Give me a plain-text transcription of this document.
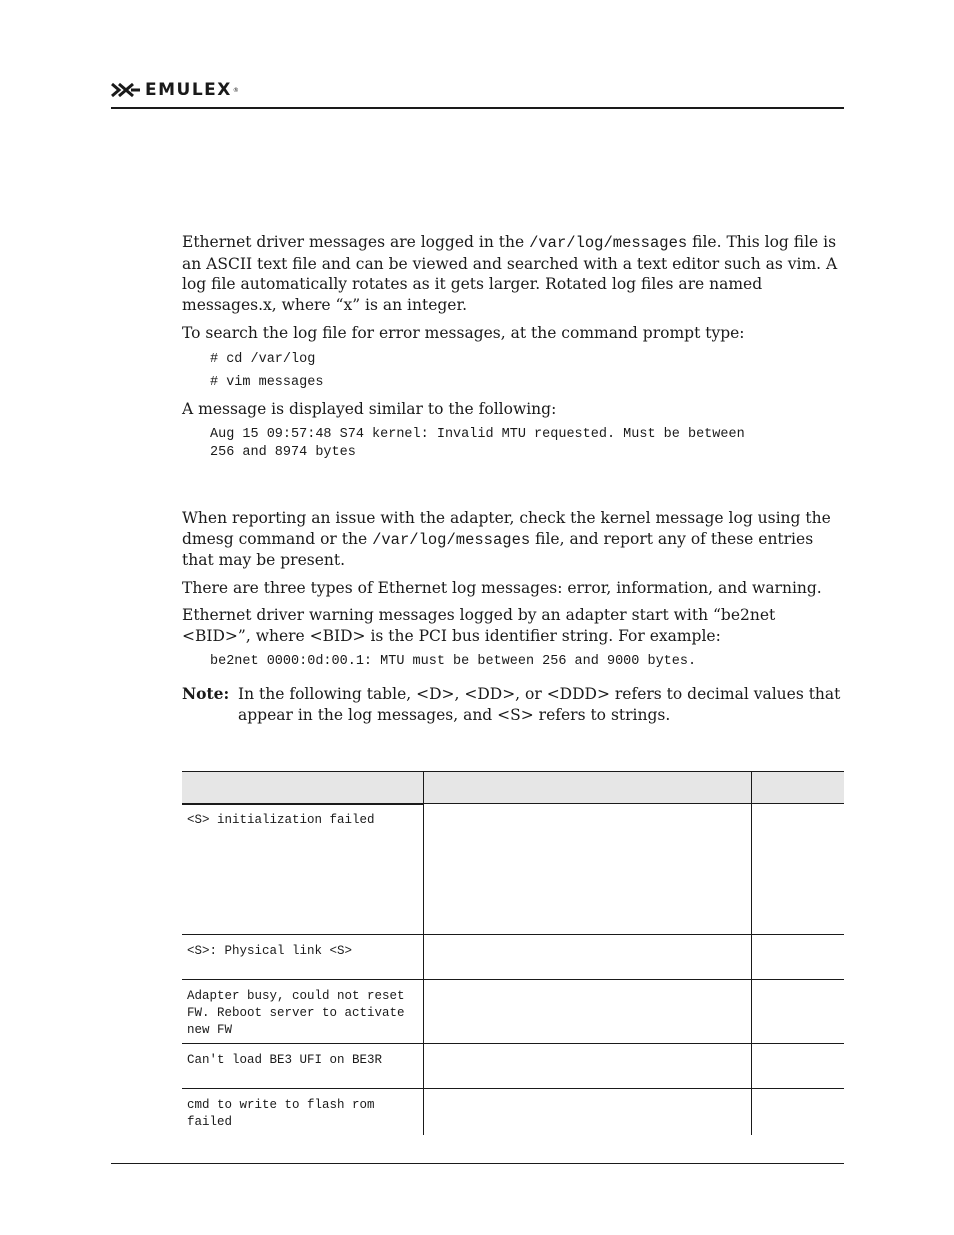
EMULEX ®

Ethernet driver messages are logged in the /var/log/messages file. This log file is an ASCII text file and can be viewed and searched with a text editor such as vim. A log file automatically rotates as it gets larger. Rotated log files are named messages.x, where “x” is an integer.

To search the log file for error messages, at the command prompt type:

# cd /var/log
# vim messages

A message is displayed similar to the following:

Aug 15 09:57:48 S74 kernel: Invalid MTU requested. Must be between
256 and 8974 bytes

When reporting an issue with the adapter, check the kernel message log using the dmesg command or the /var/log/messages file, and report any of these entries that may be present.

There are three types of Ethernet log messages: error, information, and warning.

Ethernet driver warning messages logged by an adapter start with “be2net <BID>”, where <BID> is the PCI bus identifier string. For example:

be2net 0000:0d:00.1: MTU must be between 256 and 9000 bytes.
Note: In the following table, <D>, <DD>, or <DDD> refers to decimal values that appear in the log messages, and <S> refers to strings.

<S> initialization failed		
<S>: Physical link <S>		
Adapter busy, could not reset FW. Reboot server to activate new FW		
Can't load BE3 UFI on BE3R		
cmd to write to flash rom failed		
